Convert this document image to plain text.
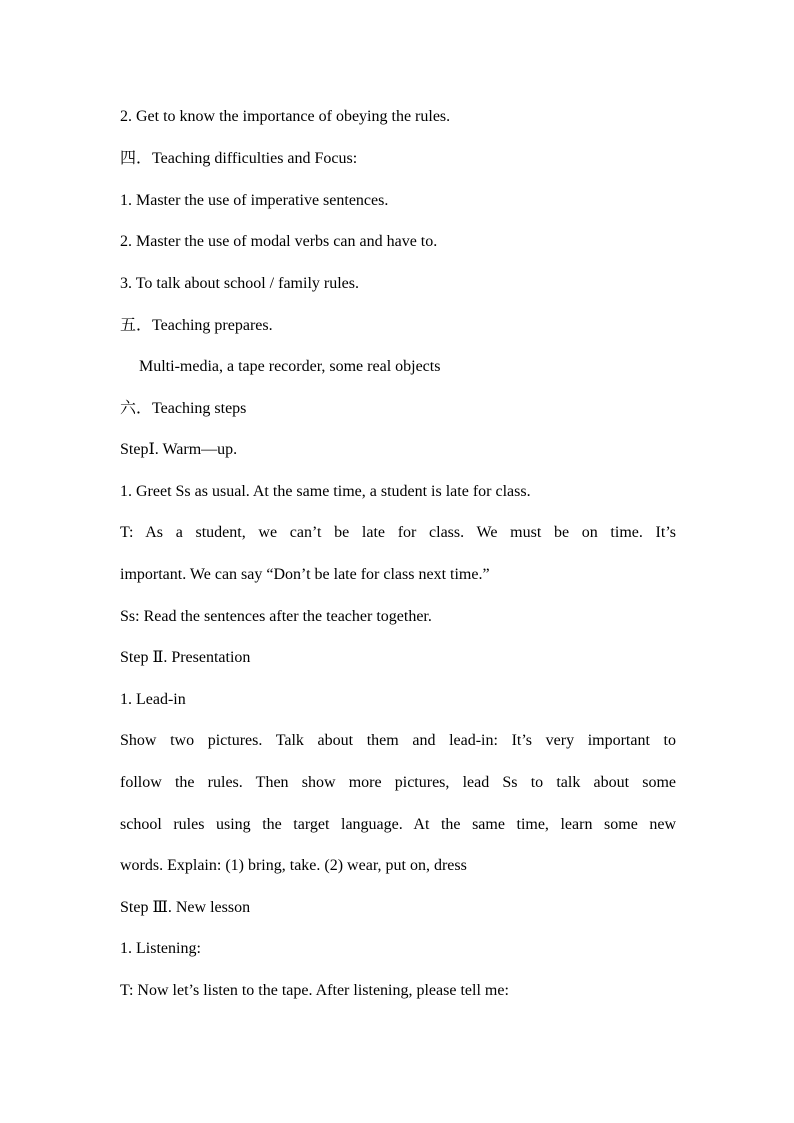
2. Get to know the importance of obeying the rules.
四．Teaching difficulties and Focus:
1. Master the use of imperative sentences.
2. Master the use of modal verbs can and have to.
3. To talk about school / family rules.
五．Teaching prepares.
Multi-media, a tape recorder, some real objects
六．Teaching steps
StepⅠ. Warm—up.
1. Greet Ss as usual. At the same time, a student is late for class.
T: As a student, we can’t be late for class. We must be on time. It’s
important. We can say “Don’t be late for class next time.”
Ss: Read the sentences after the teacher together.
Step Ⅱ. Presentation
1. Lead-in
Show two pictures. Talk about them and lead-in: It’s very important to
follow the rules. Then show more pictures, lead Ss to talk about some
school rules using the target language. At the same time, learn some new
words. Explain: (1) bring, take. (2) wear, put on, dress
Step Ⅲ. New lesson
1. Listening:
T: Now let’s listen to the tape. After listening, please tell me:
